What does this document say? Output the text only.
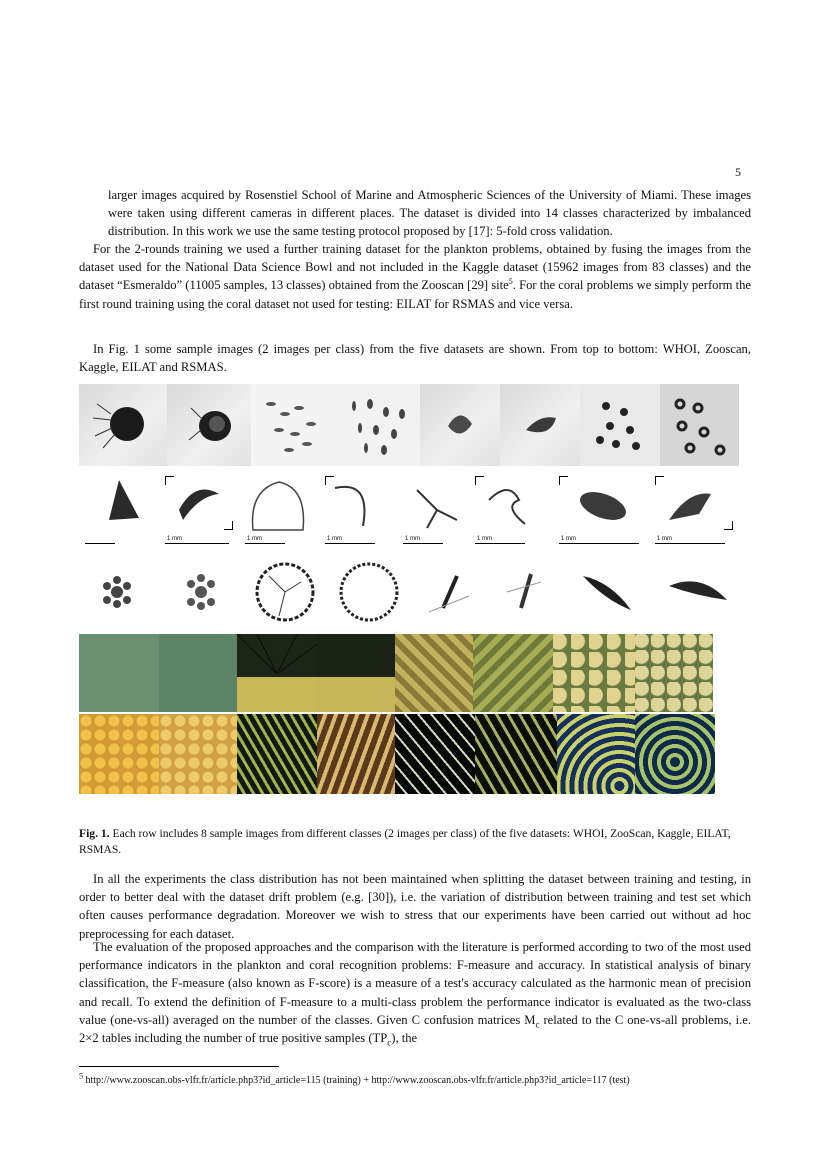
5
larger images acquired by Rosenstiel School of Marine and Atmospheric Sciences of the University of Miami. These images were taken using different cameras in different places. The dataset is divided into 14 classes characterized by imbalanced distribution. In this work we use the same testing protocol proposed by [17]: 5-fold cross validation.
For the 2-rounds training we used a further training dataset for the plankton problems, obtained by fusing the images from the dataset used for the National Data Science Bowl and not included in the Kaggle dataset (15962 images from 83 classes) and the dataset “Esmeraldo” (11005 samples, 13 classes) obtained from the Zooscan [29] site$^5$. For the coral problems we simply perform the first round training using the coral dataset not used for testing: EILAT for RSMAS and vice versa.
In Fig. 1 some sample images (2 images per class) from the five datasets are shown. From top to bottom: WHOI, Zooscan, Kaggle, EILAT and RSMAS.
1 mm	1 mm	1 mm	1 mm	1 mm	1 mm	1 mm
Fig. 1. Each row includes 8 sample images from different classes (2 images per class) of the five datasets: WHOI, ZooScan, Kaggle, EILAT, RSMAS.
In all the experiments the class distribution has not been maintained when splitting the dataset between training and testing, in order to better deal with the dataset drift problem (e.g. [30]), i.e. the variation of distribution between training and test set which often causes performance degradation. Moreover we wish to stress that our experiments have been carried out without ad hoc preprocessing for each dataset.
The evaluation of the proposed approaches and the comparison with the literature is performed according to two of the most used performance indicators in the plankton and coral recognition problems: F-measure and accuracy. In statistical analysis of binary classification, the F-measure (also known as F-score) is a measure of a test's accuracy calculated as the harmonic mean of precision and recall. To extend the definition of F-measure to a multi-class problem the performance indicator is evaluated as the two-class value (one-vs-all) averaged on the number of the classes. Given C confusion matrices $M_c$ related to the C one-vs-all problems, i.e. 2×2 tables including the number of true positive samples $(TP_c)$, the
$^5$ http://www.zooscan.obs-vlfr.fr/article.php3?id_article=115 (training) + http://www.zooscan.obs-vlfr.fr/article.php3?id_article=117 (test)
